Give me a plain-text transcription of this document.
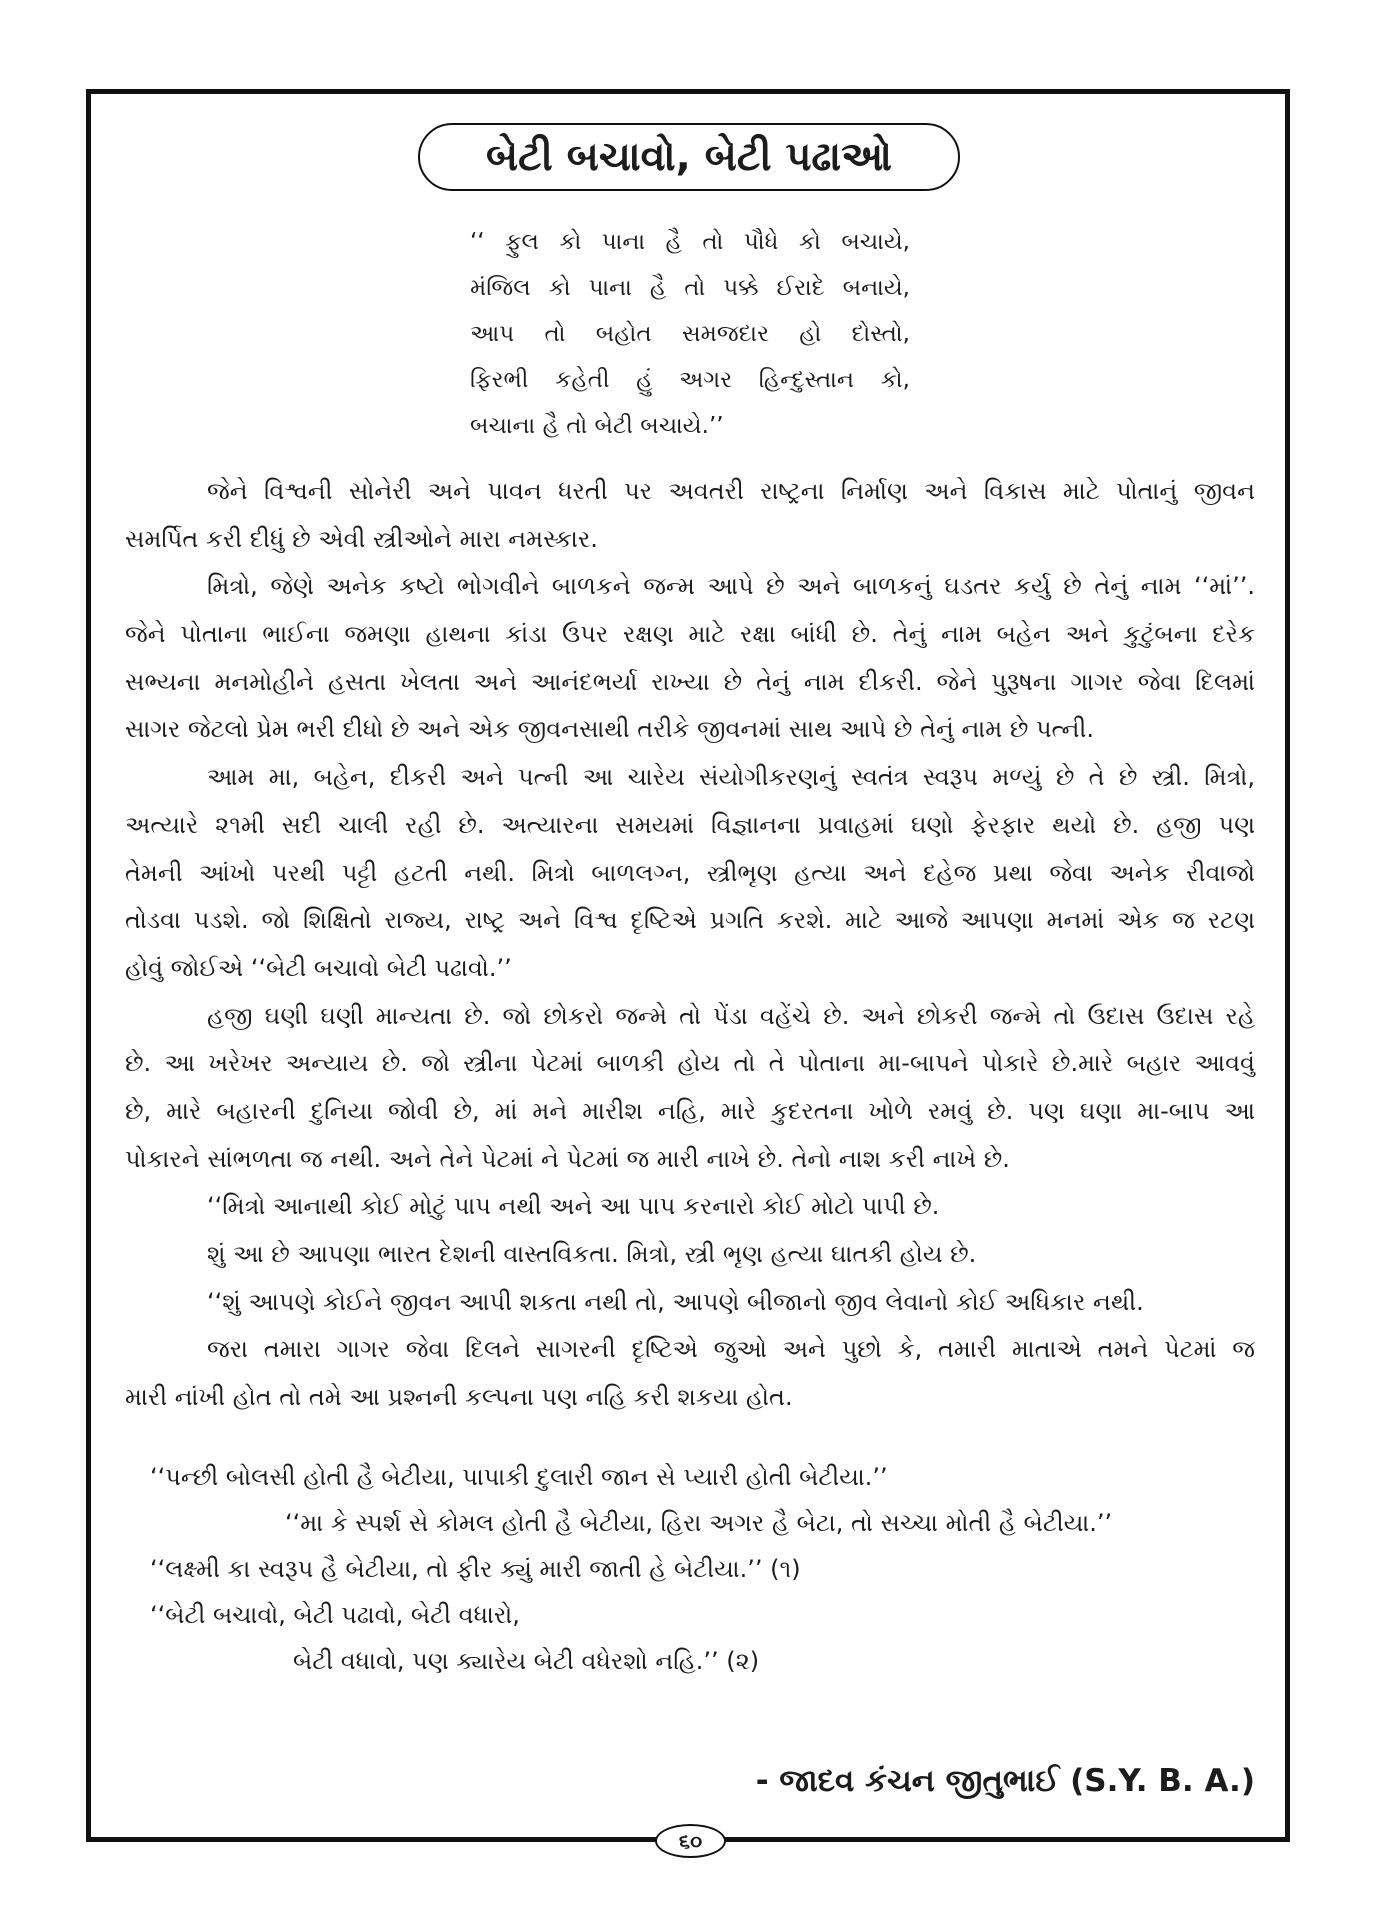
બેટી બચાવો, બેટી પઢાઓ
‘‘ ફુલ કો પાના હૈ તો પૌધે કો બચાયે,
મંજિલ કો પાના હૈ તો પક્કે ઈરાદે બનાયે,
આપ તો બહોત સમજદાર હો દોસ્તો,
ફિરભી કહેતી હું અગર હિન્દુસ્તાન કો,
બચાના હૈ તો બેટી બચાયે.’’
જેને વિશ્વની સોનેરી અને પાવન ધરતી પર અવતરી રાષ્ટ્રના નિર્માણ અને વિકાસ માટે પોતાનું જીવન
સમર્પિત કરી દીધું છે એવી સ્ત્રીઓને મારા નમસ્કાર.
મિત્રો, જેણે અનેક કષ્ટો ભોગવીને બાળકને જન્મ આપે છે અને બાળકનું ઘડતર કર્યુ છે તેનું નામ ‘‘માં’’.
જેને પોતાના ભાઈના જમણા હાથના કાંડા ઉપર રક્ષણ માટે રક્ષા બાંધી છે. તેનું નામ બહેન અને કુટુંબના દરેક
સભ્યના મનમોહીને હસતા ખેલતા અને આનંદભર્યા રાખ્યા છે તેનું નામ દીકરી. જેને પુરૂષના ગાગર જેવા દિલમાં
સાગર જેટલો પ્રેમ ભરી દીધો છે અને એક જીવનસાથી તરીકે જીવનમાં સાથ આપે છે તેનું નામ છે પત્ની.
આમ મા, બહેન, દીકરી અને પત્ની આ ચારેય સંયોગીકરણનું સ્વતંત્ર સ્વરૂપ મળ્યું છે તે છે સ્ત્રી. મિત્રો,
અત્યારે ૨૧મી સદી ચાલી રહી છે. અત્યારના સમયમાં વિજ્ઞાનના પ્રવાહમાં ઘણો ફેરફાર થયો છે. હજી પણ
તેમની આંખો પરથી પટ્ટી હટતી નથી. મિત્રો બાળલગ્ન, સ્ત્રીભૃણ હત્યા અને દહેજ પ્રથા જેવા અનેક રીવાજો
તોડવા પડશે. જો શિક્ષિતો રાજ્ય, રાષ્ટ્ર અને વિશ્વ દૃષ્ટિએ પ્રગતિ કરશે. માટે આજે આપણા મનમાં એક જ રટણ
હોવું જોઈએ ‘‘બેટી બચાવો બેટી પઢાવો.’’
હજી ઘણી ઘણી માન્યતા છે. જો છોકરો જન્મે તો પેંડા વહેંચે છે. અને છોકરી જન્મે તો ઉદાસ ઉદાસ રહે
છે. આ ખરેખર અન્યાય છે. જો સ્ત્રીના પેટમાં બાળકી હોય તો તે પોતાના મા-બાપને પોકારે છે.મારે બહાર આવવું
છે, મારે બહારની દુનિયા જોવી છે, માં મને મારીશ નહિ, મારે કુદરતના ખોળે રમવું છે. પણ ઘણા મા-બાપ આ
પોકારને સાંભળતા જ નથી. અને તેને પેટમાં ને પેટમાં જ મારી નાખે છે. તેનો નાશ કરી નાખે છે.
‘‘મિત્રો આનાથી કોઈ મોટું પાપ નથી અને આ પાપ કરનારો કોઈ મોટો પાપી છે.
શું આ છે આપણા ભારત દેશની વાસ્તવિકતા. મિત્રો, સ્ત્રી ભૃણ હત્યા ઘાતકી હોય છે.
‘‘શું આપણે કોઈને જીવન આપી શકતા નથી તો, આપણે બીજાનો જીવ લેવાનો કોઈ અધિકાર નથી.
જરા તમારા ગાગર જેવા દિલને સાગરની દૃષ્ટિએ જુઓ અને પુછો કે, તમારી માતાએ તમને પેટમાં જ
મારી નાંખી હોત તો તમે આ પ્રશ્નની કલ્પના પણ નહિ કરી શકયા હોત.
‘‘પન્છી બોલસી હોતી હૈ બેટીયા, પાપાકી દુલારી જાન સે પ્યારી હોતી બેટીયા.’’
‘‘મા કે સ્પર્શ સે કોમલ હોતી હૈ બેટીયા, હિરા અગર હૈ બેટા, તો સચ્ચા મોતી હૈ બેટીયા.’’
‘‘લક્ષ્મી કા સ્વરૂપ હૈ બેટીયા, તો ફીર ક્યું મારી જાતી હે બેટીયા.’’ (૧)
‘‘બેટી બચાવો, બેટી પઢાવો, બેટી વધારો,
બેટી વધાવો, પણ ક્યારેય બેટી વધેરશો નહિ.’’ (૨)
- જાદવ કંચન જીતુભાઈ (S.Y. B. A.)
૬૦
